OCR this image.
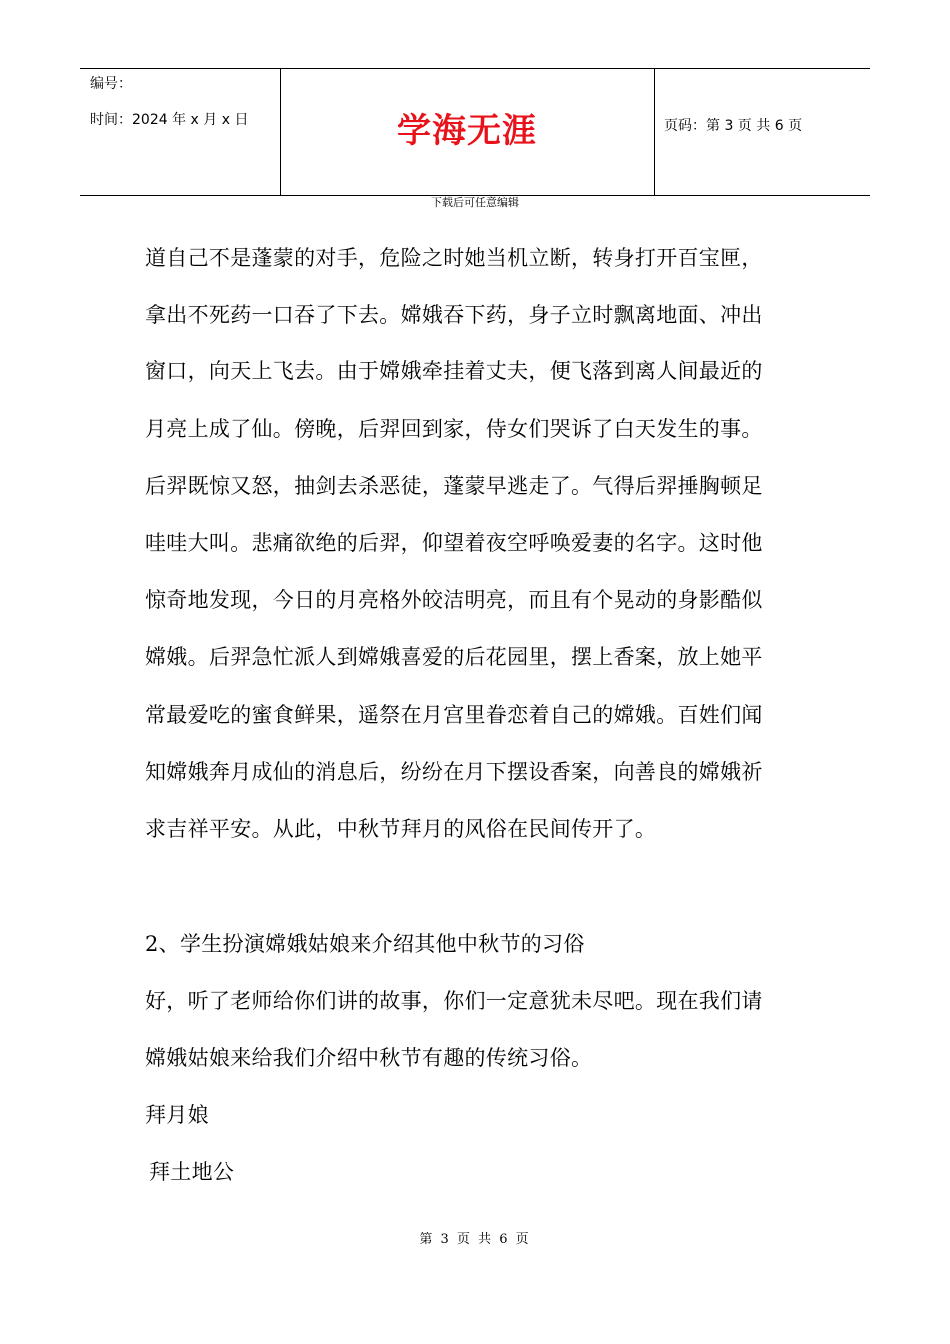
编号：
时间：2024 年 x 月 x 日	学海无涯	页码：第 3 页 共 6 页
下载后可任意编辑
道自己不是蓬蒙的对手，危险之时她当机立断，转身打开百宝匣，
拿出不死药一口吞了下去。嫦娥吞下药，身子立时飘离地面、冲出
窗口，向天上飞去。由于嫦娥牵挂着丈夫，便飞落到离人间最近的
月亮上成了仙。傍晚，后羿回到家，侍女们哭诉了白天发生的事。
后羿既惊又怒，抽剑去杀恶徒，蓬蒙早逃走了。气得后羿捶胸顿足
哇哇大叫。悲痛欲绝的后羿，仰望着夜空呼唤爱妻的名字。这时他
惊奇地发现，今日的月亮格外皎洁明亮，而且有个晃动的身影酷似
嫦娥。后羿急忙派人到嫦娥喜爱的后花园里，摆上香案，放上她平
常最爱吃的蜜食鲜果，遥祭在月宫里眷恋着自己的嫦娥。百姓们闻
知嫦娥奔月成仙的消息后，纷纷在月下摆设香案，向善良的嫦娥祈
求吉祥平安。从此，中秋节拜月的风俗在民间传开了。
2、学生扮演嫦娥姑娘来介绍其他中秋节的习俗
好，听了老师给你们讲的故事，你们一定意犹未尽吧。现在我们请
嫦娥姑娘来给我们介绍中秋节有趣的传统习俗。
拜月娘
拜土地公
第 3 页 共 6 页
